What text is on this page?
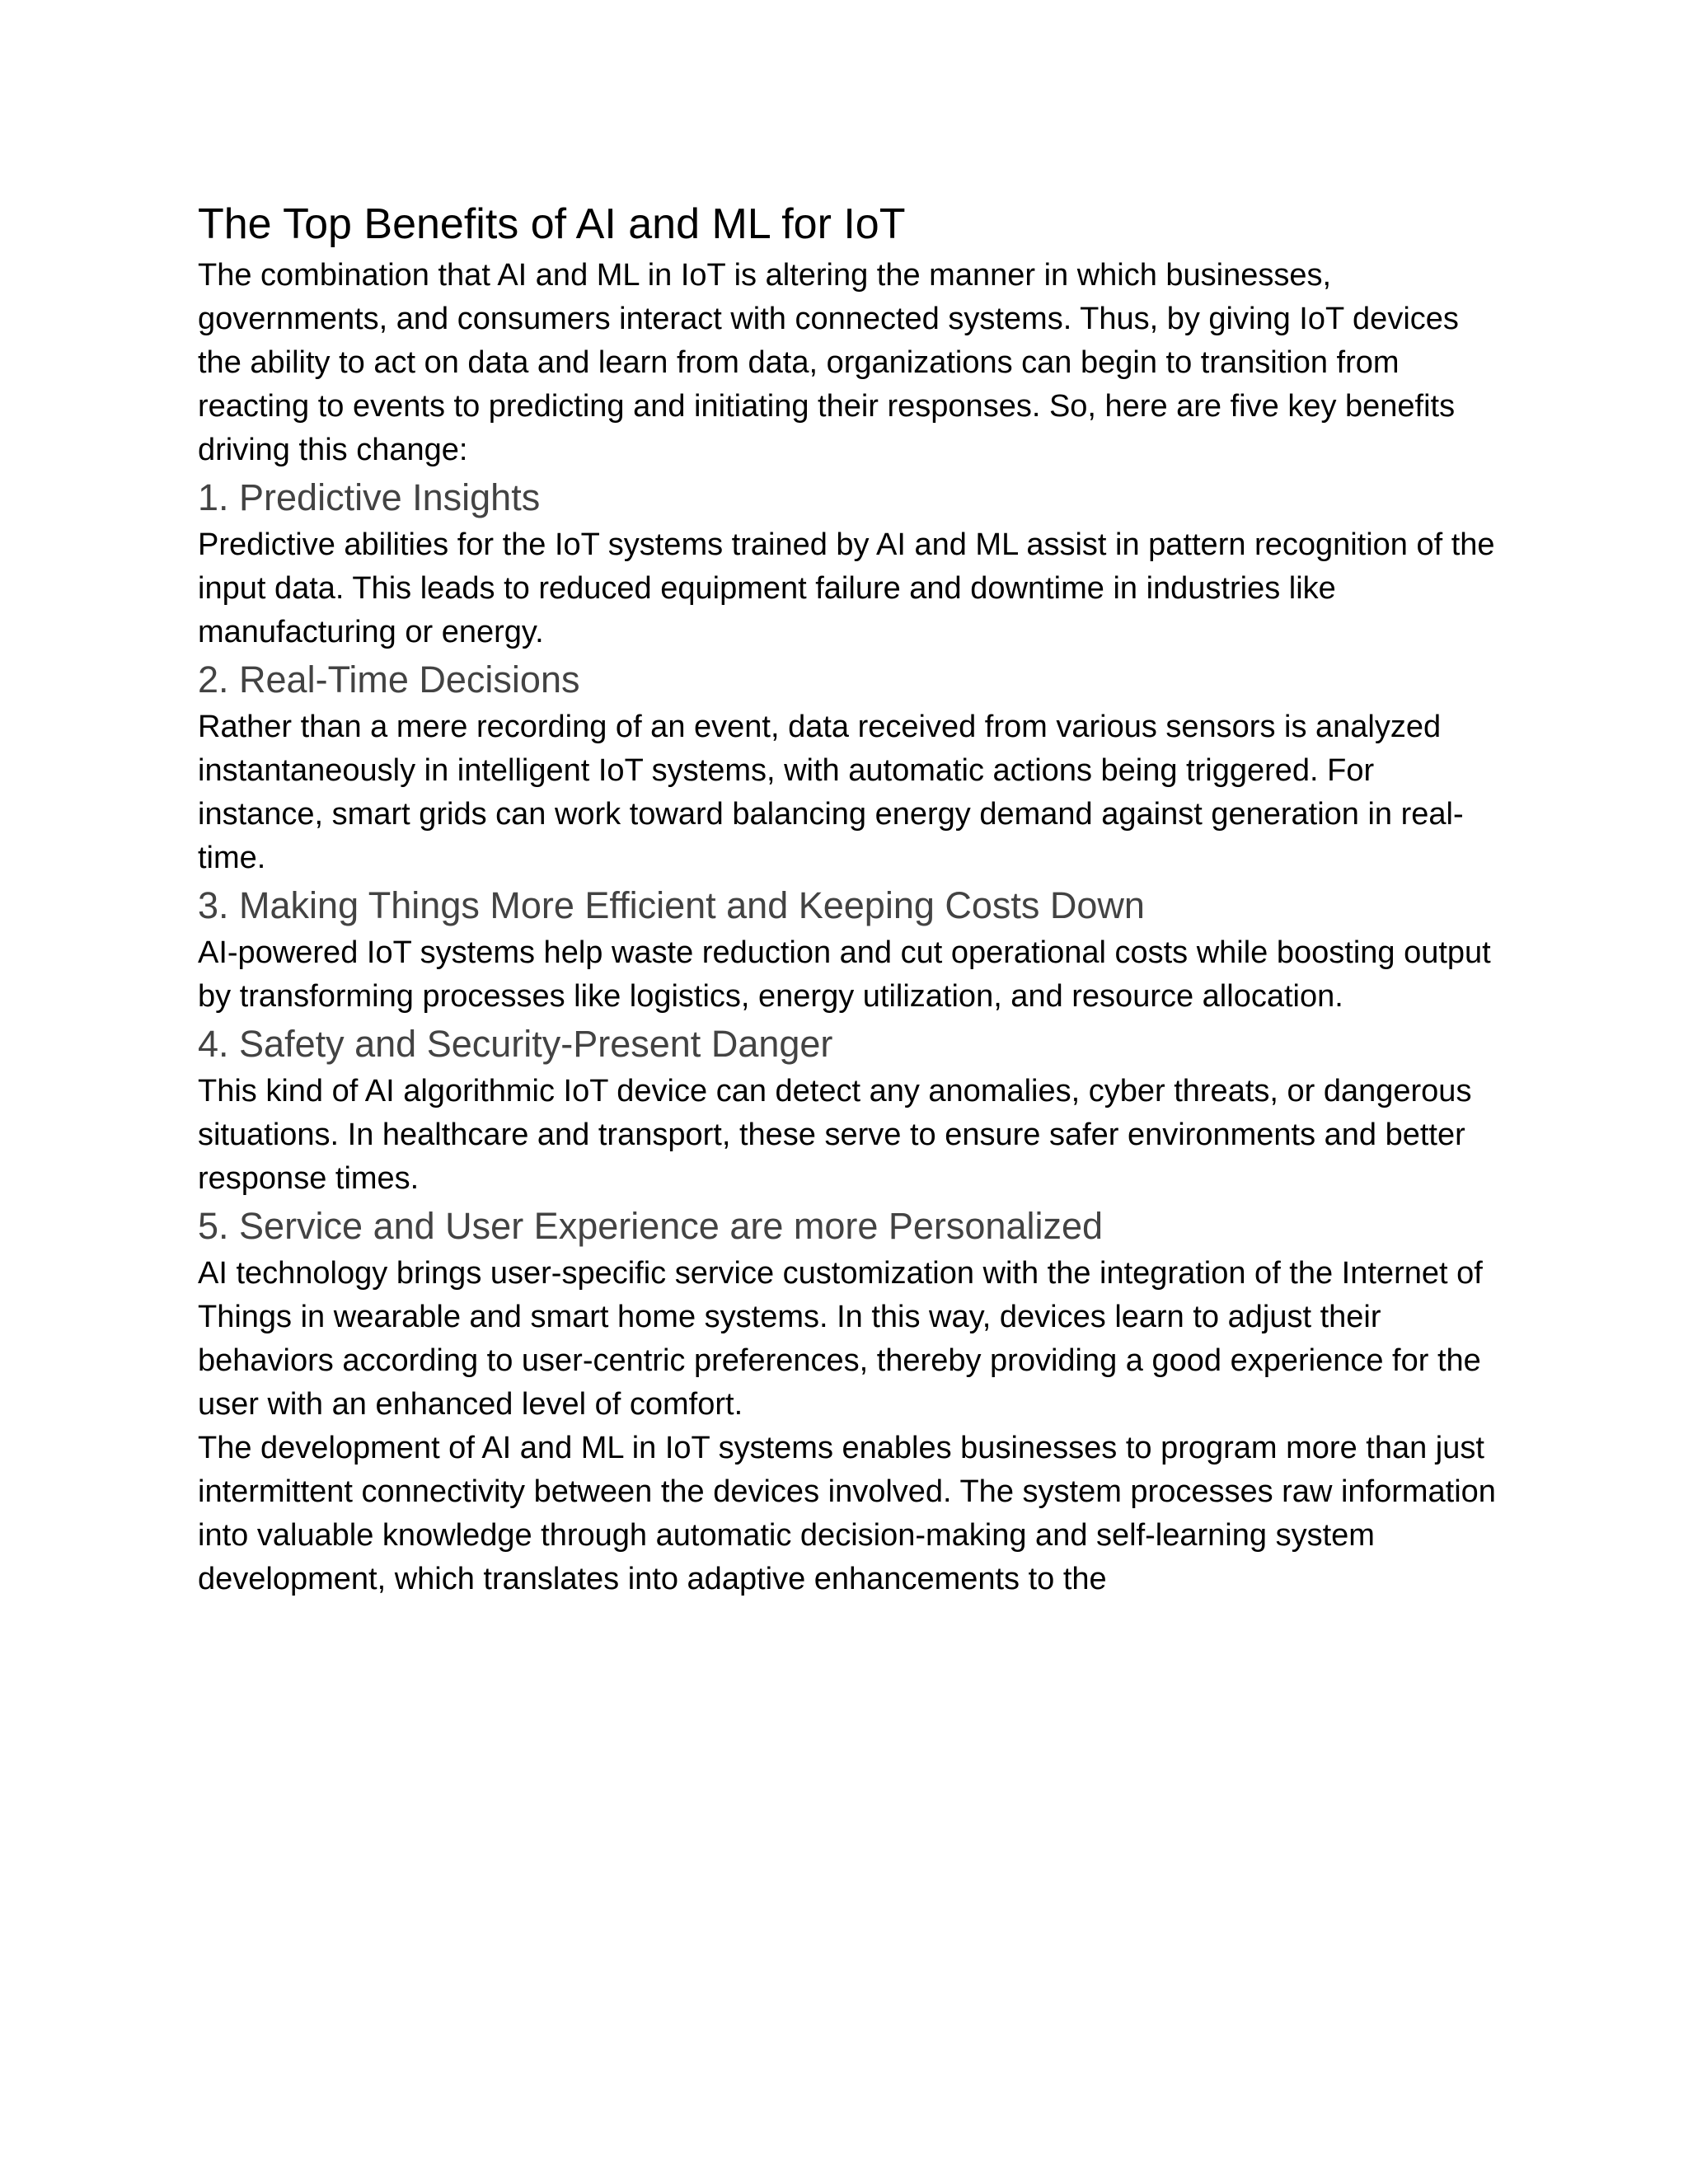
The Top Benefits of AI and ML for IoT

The combination that AI and ML in IoT is altering the manner in which businesses, governments, and consumers interact with connected systems. Thus, by giving IoT devices the ability to act on data and learn from data, organizations can begin to transition from reacting to events to predicting and initiating their responses. So, here are five key benefits driving this change:

1. Predictive Insights

Predictive abilities for the IoT systems trained by AI and ML assist in pattern recognition of the input data. This leads to reduced equipment failure and downtime in industries like manufacturing or energy.

2. Real-Time Decisions

Rather than a mere recording of an event, data received from various sensors is analyzed instantaneously in intelligent IoT systems, with automatic actions being triggered. For instance, smart grids can work toward balancing energy demand against generation in real-time.

3. Making Things More Efficient and Keeping Costs Down

AI-powered IoT systems help waste reduction and cut operational costs while boosting output by transforming processes like logistics, energy utilization, and resource allocation.

4. Safety and Security-Present Danger

This kind of AI algorithmic IoT device can detect any anomalies, cyber threats, or dangerous situations. In healthcare and transport, these serve to ensure safer environments and better response times.

5. Service and User Experience are more Personalized

AI technology brings user-specific service customization with the integration of the Internet of Things in wearable and smart home systems. In this way, devices learn to adjust their behaviors according to user-centric preferences, thereby providing a good experience for the user with an enhanced level of comfort.

The development of AI and ML in IoT systems enables businesses to program more than just intermittent connectivity between the devices involved. The system processes raw information into valuable knowledge through automatic decision-making and self-learning system development, which translates into adaptive enhancements to the
